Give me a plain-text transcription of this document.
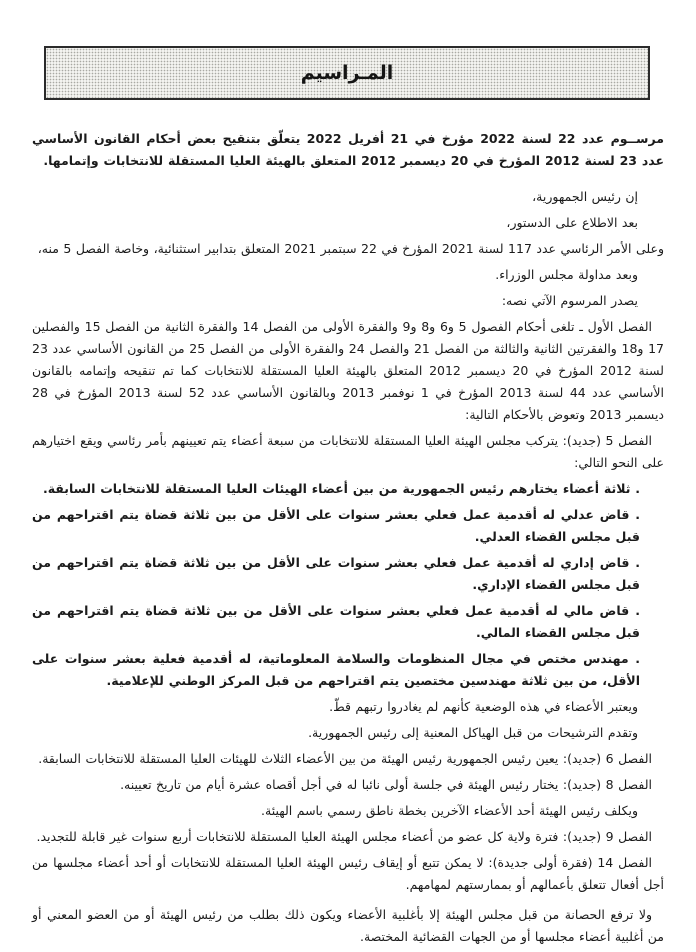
المـراسيم

مرســوم عدد 22 لسنة 2022 مؤرخ في 21 أفريل 2022 يتعلّق بتنقيح بعض أحكام القانون الأساسي عدد 23 لسنة 2012 المؤرخ في 20 ديسمبر 2012 المتعلق بالهيئة العليا المستقلة للانتخابات وإتمامها.

إن رئيس الجمهورية،

بعد الاطلاع على الدستور،

وعلى الأمر الرئاسي عدد 117 لسنة 2021 المؤرخ في 22 سبتمبر 2021 المتعلق بتدابير استثنائية، وخاصة الفصل 5 منه،

وبعد مداولة مجلس الوزراء.

يصدر المرسوم الآتي نصه:

الفصل الأول ـ تلغى أحكام الفصول 5 و6 و8 و9 والفقرة الأولى من الفصل 14 والفقرة الثانية من الفصل 15 والفصلين 17 و18 والفقرتين الثانية والثالثة من الفصل 21 والفصل 24 والفقرة الأولى من الفصل 25 من القانون الأساسي عدد 23 لسنة 2012 المؤرخ في 20 ديسمبر 2012 المتعلق بالهيئة العليا المستقلة للانتخابات كما تم تنقيحه وإتمامه بالقانون الأساسي عدد 44 لسنة 2013 المؤرخ في 1 نوفمبر 2013 وبالقانون الأساسي عدد 52 لسنة 2013 المؤرخ في 28 ديسمبر 2013 وتعوض بالأحكام التالية:

الفصل 5 (جديد): يتركب مجلس الهيئة العليا المستقلة للانتخابات من سبعة أعضاء يتم تعيينهم بأمر رئاسي ويقع اختيارهم على النحو التالي:

. ثلاثة أعضاء يختارهم رئيس الجمهورية من بين أعضاء الهيئات العليا المستقلة للانتخابات السابقة.

. قاض عدلي له أقدمية عمل فعلي بعشر سنوات على الأقل من بين ثلاثة قضاة يتم اقتراحهم من قبل مجلس القضاء العدلي.

. قاض إداري له أقدمية عمل فعلي بعشر سنوات على الأقل من بين ثلاثة قضاة يتم اقتراحهم من قبل مجلس القضاء الإداري.

. قاض مالي له أقدمية عمل فعلي بعشر سنوات على الأقل من بين ثلاثة قضاة يتم اقتراحهم من قبل مجلس القضاء المالي.

. مهندس مختص في مجال المنظومات والسلامة المعلوماتية، له أقدمية فعلية بعشر سنوات على الأقل، من بين ثلاثة مهندسين مختصين يتم اقتراحهم من قبل المركز الوطني للإعلامية.

ويعتبر الأعضاء في هذه الوضعية كأنهم لم يغادروا رتبهم قطّ.

وتقدم الترشيحات من قبل الهياكل المعنية إلى رئيس الجمهورية.

الفصل 6 (جديد): يعين رئيس الجمهورية رئيس الهيئة من بين الأعضاء الثلاث للهيئات العليا المستقلة للانتخابات السابقة.

الفصل 8 (جديد): يختار رئيس الهيئة في جلسة أولى نائبا له في أجل أقصاه عشرة أيام من تاريخ تعيينه.

ويكلف رئيس الهيئة أحد الأعضاء الآخرين بخطة ناطق رسمي باسم الهيئة.

الفصل 9 (جديد): فترة ولاية كل عضو من أعضاء مجلس الهيئة العليا المستقلة للانتخابات أربع سنوات غير قابلة للتجديد.

الفصل 14 (فقرة أولى جديدة): لا يمكن تتبع أو إيقاف رئيس الهيئة العليا المستقلة للانتخابات أو أحد أعضاء مجلسها من أجل أفعال تتعلق بأعمالهم أو بممارستهم لمهامهم.

ولا ترفع الحصانة من قبل مجلس الهيئة إلا بأغلبية الأعضاء ويكون ذلك بطلب من رئيس الهيئة أو من العضو المعني أو من أغلبية أعضاء مجلسها أو من الجهات القضائية المختصة.
